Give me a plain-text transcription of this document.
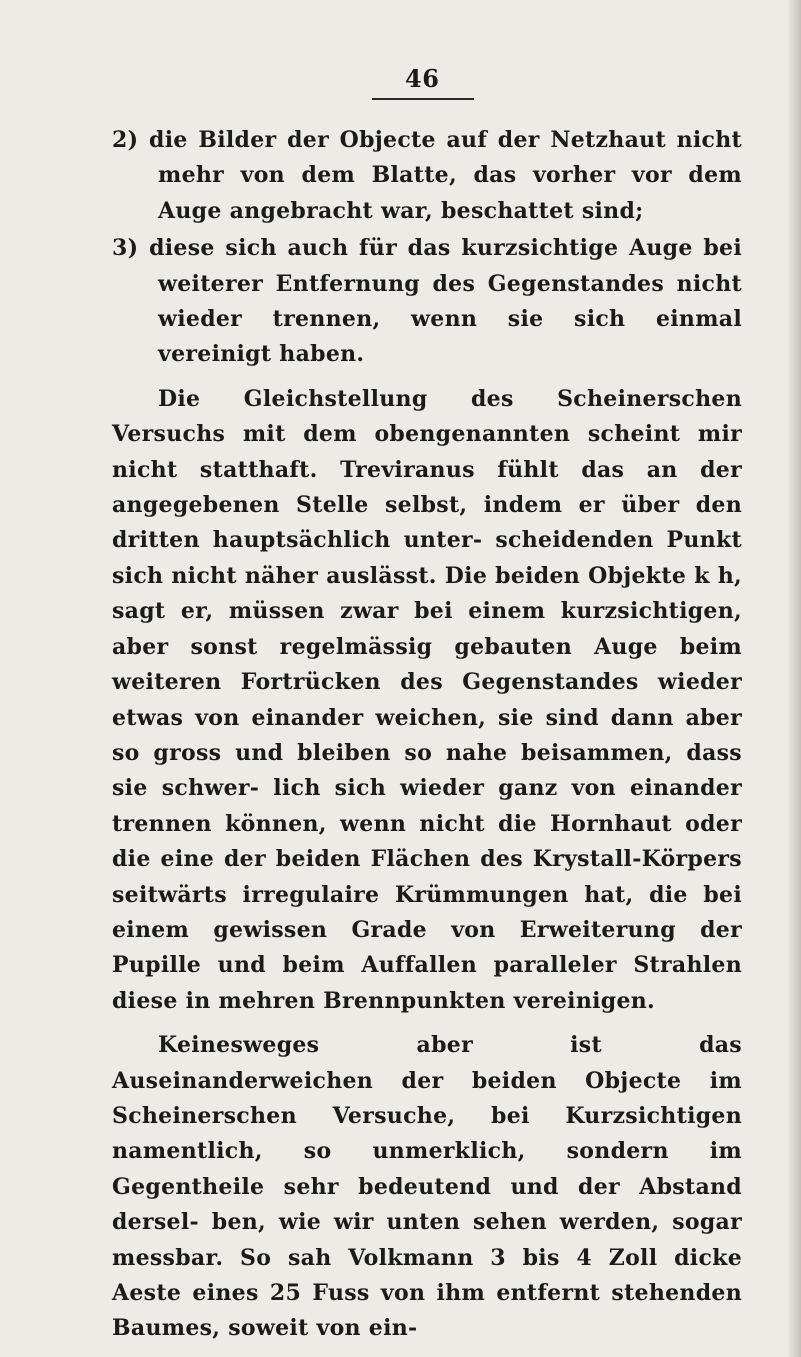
46

2) die Bilder der Objecte auf der Netzhaut nicht mehr von dem Blatte, das vorher vor dem Auge angebracht war, beschattet sind;

3) diese sich auch für das kurzsichtige Auge bei weiterer Entfernung des Gegenstandes nicht wieder trennen, wenn sie sich einmal vereinigt haben.

Die Gleichstellung des Scheinerschen Versuchs mit dem obengenannten scheint mir nicht statthaft. Treviranus fühlt das an der angegebenen Stelle selbst, indem er über den dritten hauptsächlich unter- scheidenden Punkt sich nicht näher auslässt. Die beiden Objekte k h, sagt er, müssen zwar bei einem kurzsichtigen, aber sonst regelmässig gebauten Auge beim weiteren Fortrücken des Gegenstandes wieder etwas von einander weichen, sie sind dann aber so gross und bleiben so nahe beisammen, dass sie schwer- lich sich wieder ganz von einander trennen können, wenn nicht die Hornhaut oder die eine der beiden Flächen des Krystall-Körpers seitwärts irregulaire Krümmungen hat, die bei einem gewissen Grade von Erweiterung der Pupille und beim Auffallen paralleler Strahlen diese in mehren Brennpunkten vereinigen.

Keinesweges aber ist das Auseinanderweichen der beiden Objecte im Scheinerschen Versuche, bei Kurzsichtigen namentlich, so unmerklich, sondern im Gegentheile sehr bedeutend und der Abstand dersel- ben, wie wir unten sehen werden, sogar messbar. So sah Volkmann 3 bis 4 Zoll dicke Aeste eines 25 Fuss von ihm entfernt stehenden Baumes, soweit von ein-
